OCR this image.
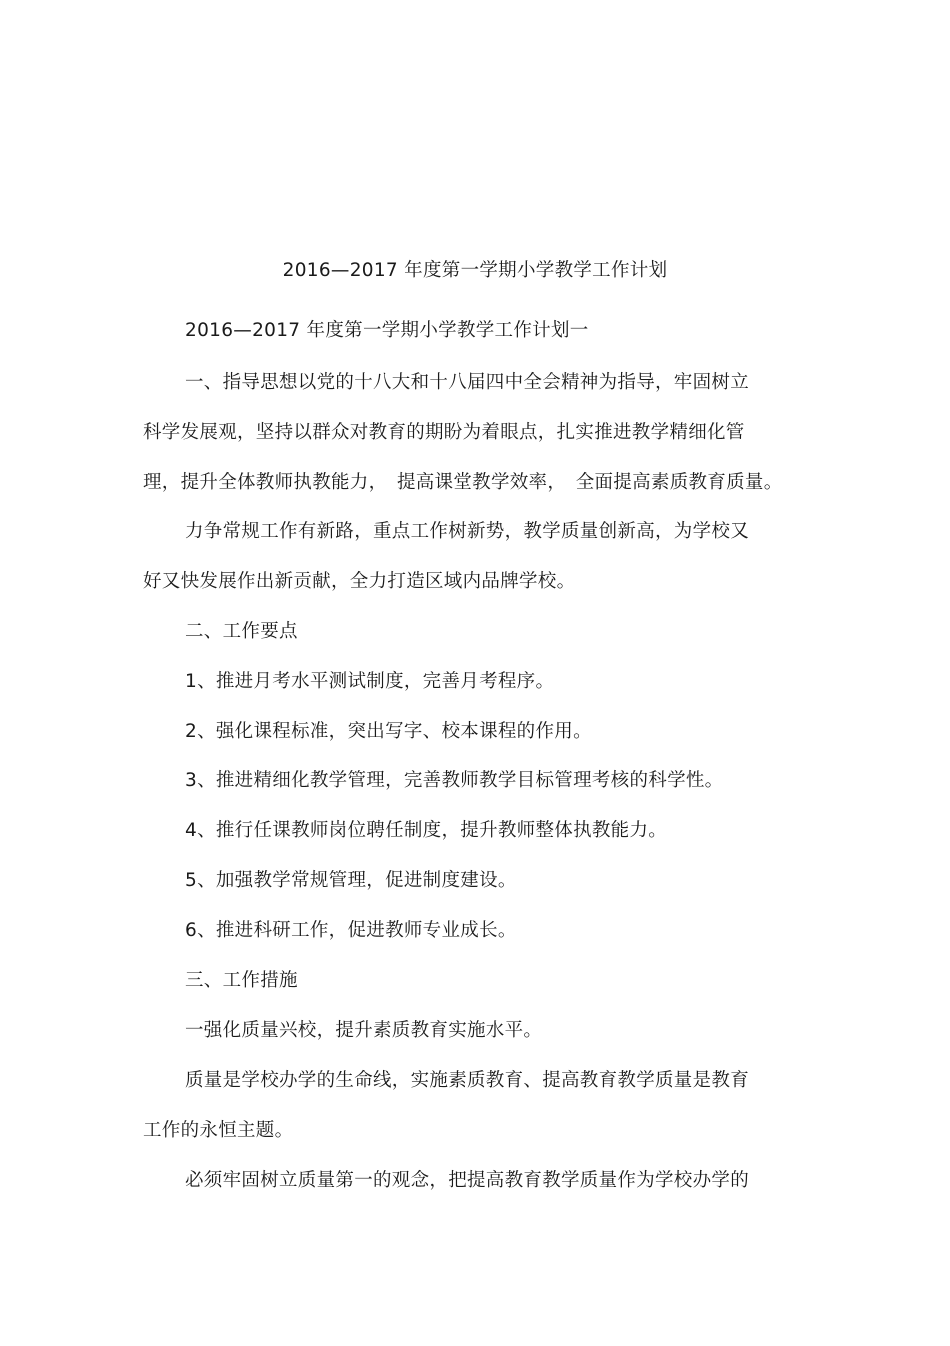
2016—2017 年度第一学期小学教学工作计划
2016—2017 年度第一学期小学教学工作计划一
一、指导思想以党的十八大和十八届四中全会精神为指导，牢固树立
科学发展观，坚持以群众对教育的期盼为着眼点，扎实推进教学精细化管
理，提升全体教师执教能力，　提高课堂教学效率，　全面提高素质教育质量。
力争常规工作有新路，重点工作树新势，教学质量创新高，为学校又
好又快发展作出新贡献，全力打造区域内品牌学校。
二、工作要点
1、推进月考水平测试制度，完善月考程序。
2、强化课程标准，突出写字、校本课程的作用。
3、推进精细化教学管理，完善教师教学目标管理考核的科学性。
4、推行任课教师岗位聘任制度，提升教师整体执教能力。
5、加强教学常规管理，促进制度建设。
6、推进科研工作，促进教师专业成长。
三、工作措施
一强化质量兴校，提升素质教育实施水平。
质量是学校办学的生命线，实施素质教育、提高教育教学质量是教育
工作的永恒主题。
必须牢固树立质量第一的观念，把提高教育教学质量作为学校办学的
